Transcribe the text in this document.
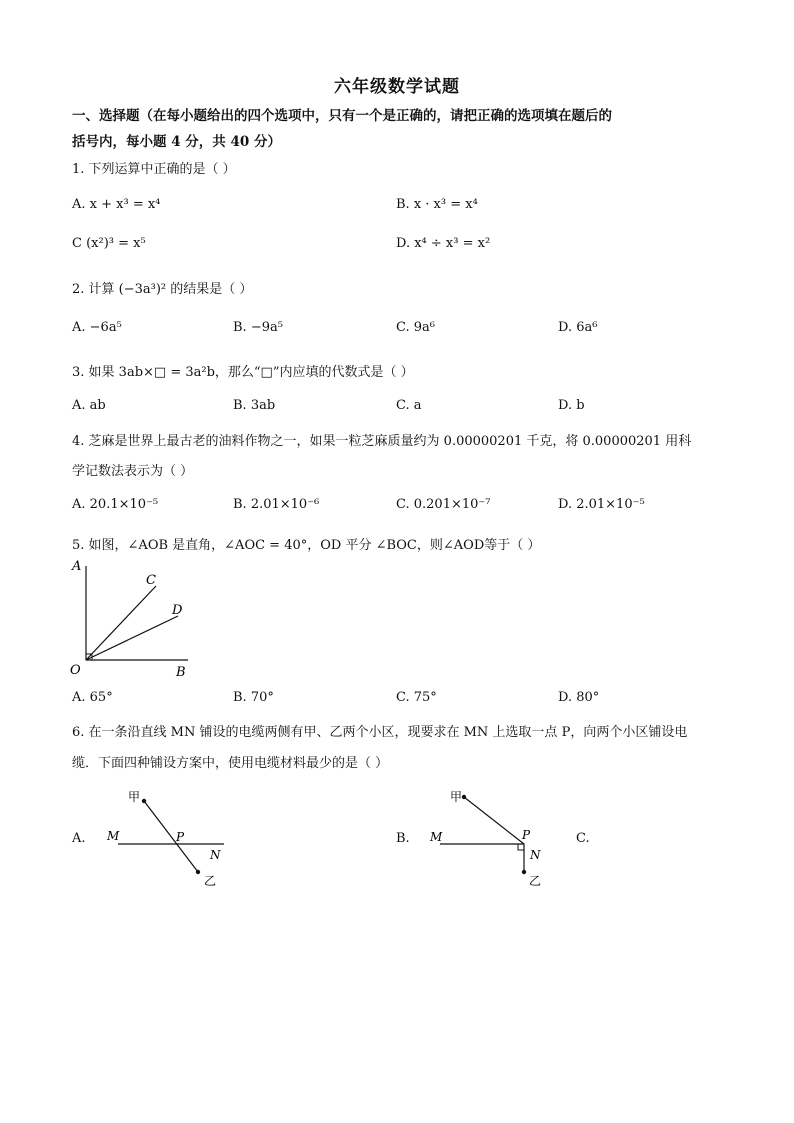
六年级数学试题
一、选择题（在每小题给出的四个选项中，只有一个是正确的，请把正确的选项填在题后的
括号内，每小题 4 分，共 40 分）
1. 下列运算中正确的是（ ）
A. x + x³ = x⁴	B. x · x³ = x⁴
C (x²)³ = x⁵	D. x⁴ ÷ x³ = x²
2. 计算 (−3a³)² 的结果是（ ）
A. −6a⁵	B. −9a⁵	C. 9a⁶	D. 6a⁶
3. 如果 3ab×□ = 3a²b，那么“□”内应填的代数式是（ ）
A. ab	B. 3ab	C. a	D. b
4. 芝麻是世界上最古老的油料作物之一，如果一粒芝麻质量约为 0.00000201 千克，将 0.00000201 用科
学记数法表示为（ ）
A. 20.1×10⁻⁵	B. 2.01×10⁻⁶	C. 0.201×10⁻⁷	D. 2.01×10⁻⁵
5. 如图，∠AOB 是直角，∠AOC = 40°，OD 平分 ∠BOC，则∠AOD等于（ ）
A
C
D
O	B
A. 65°	B. 70°	C. 75°	D. 80°
6. 在一条沿直线 MN 铺设的电缆两侧有甲、乙两个小区，现要求在 MN 上选取一点 P，向两个小区铺设电
缆．下面四种铺设方案中，使用电缆材料最少的是（ ）
A.
甲
乙
M	P
N
B.
甲
乙
M	P
N
C.
